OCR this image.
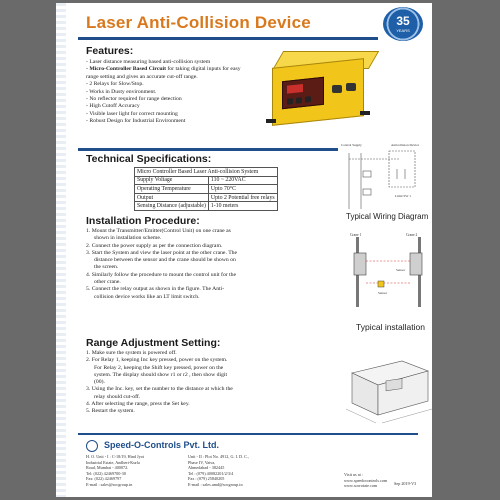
Laser Anti-Collision Device	35
YEARS
Features:

- Laser distance measuring based anti-collision system

- Micro-Controller Based Circuit for taking digital inputs for easy range setting and gives an accurate cut-off range.

- 2 Relays for Slow/Stop.

- Works in Dusty environment.

- No reflector required for range detection

- High Cutoff Accuracy

- Visible laser light for correct mounting

- Robust Design for Industrial Environment

Technical Specifications:
Micro Controller Based Laser Anti-collision System	
Supply Voltage	110 ~ 220VAC
Operating Temperature	Upto 70°C
Output	Upto 2 Potential free relays
Sensing Distance (adjustable)	1-10 meters
Control Supply	Anticollision Device
Limit SW 1
Typical Wiring Diagram
Installation Procedure:

1. Mount the Transmitter/Emitter(Control Unit) on one crane as shown in installation scheme.

2. Connect the power supply as per the connection diagram.

3. Start the System and view the laser point at the other crane. The distance between the sensor and the crane should be shown on the screen.

4. Similarly follow the procedure to mount the control unit for the other crane.

5. Connect the relay output as shown in the figure. The Anti- collision device works like an LT limit switch.

Crane 1	Crane 2
Sensor
Sensor
Typical installation
Range Adjustment Setting:

1. Make sure the system is powered off.

2. For Relay 1, keeping Inc key pressed, power on the system. For Relay 2, keeping the Shift key pressed, power on the system. The display should show r1 or r2 , then show digit (00).

3. Using the Inc. key, set the number to the distance at which the relay should cut-off.

4. After selecting the range, press the Set key.

5. Restart the system.

Speed-O-Controls Pvt. Ltd.
H. O. Unit - I : C-18/19, Hind Jyot
Industrial Estate, Andheri-Kurla
Road, Mumbai - 400072.
Tel: (022) 42469700-30
Fax: (022) 42469797
E-mail : sales@socgroup.in
Unit - II : Plot No. 4912, G. I. D. C.,
Phase IV, Vatva,
Ahmedabad - 382445
Tel : (079) 40082201/2/3/4
Fax : (079) 25840205
E-mail : sales.amd@socgroup.in
Visit us at :
www.speedocontrols.com
www.socrotaie.com	Sep 2019-V3
